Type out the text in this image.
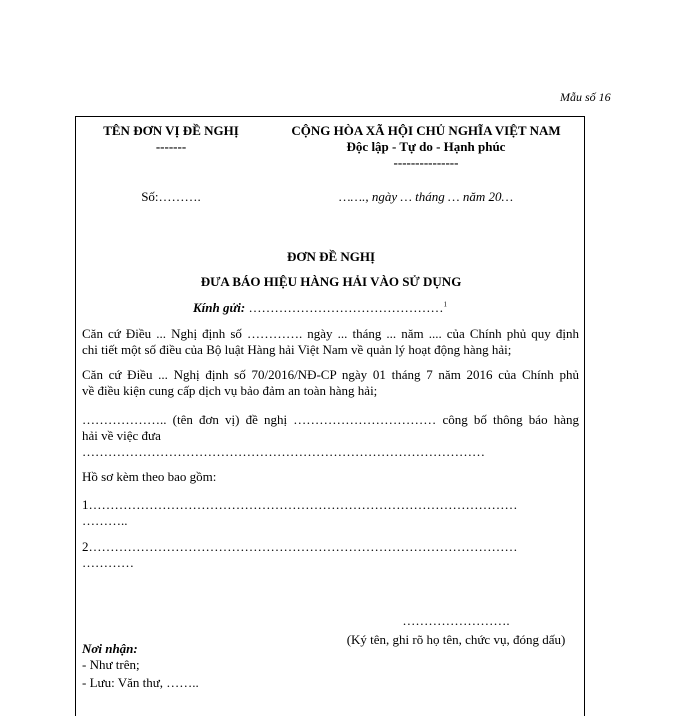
Mẫu số 16
TÊN ĐƠN VỊ ĐỀ NGHỊ
-------
CỘNG HÒA XÃ HỘI CHỦ NGHĨA VIỆT NAM
Độc lập - Tự do - Hạnh phúc
---------------
Số:……….	……., ngày … tháng … năm 20…
ĐƠN ĐỀ NGHỊ
ĐƯA BÁO HIỆU HÀNG HẢI VÀO SỬ DỤNG
Kính gửi: ………………………………………$^1$
Căn cứ Điều ... Nghị định số …………. ngày ... tháng ... năm .... của Chính phủ quy định
chi tiết một số điều của Bộ luật Hàng hải Việt Nam về quản lý hoạt động hàng hải;
Căn cứ Điều ... Nghị định số 70/2016/NĐ-CP ngày 01 tháng 7 năm 2016 của Chính phủ
về điều kiện cung cấp dịch vụ bảo đảm an toàn hàng hải;
……………….. (tên đơn vị) đề nghị …………………………… công bố thông báo hàng
hải về việc đưa
…………………………………………………………………………………
Hồ sơ kèm theo bao gồm:
1………………………………………………………………………………………
………..
2………………………………………………………………………………………
…………
…………………….
(Ký tên, ghi rõ họ tên, chức vụ, đóng dấu)
Nơi nhận:
- Như trên;
- Lưu: Văn thư, ……..
